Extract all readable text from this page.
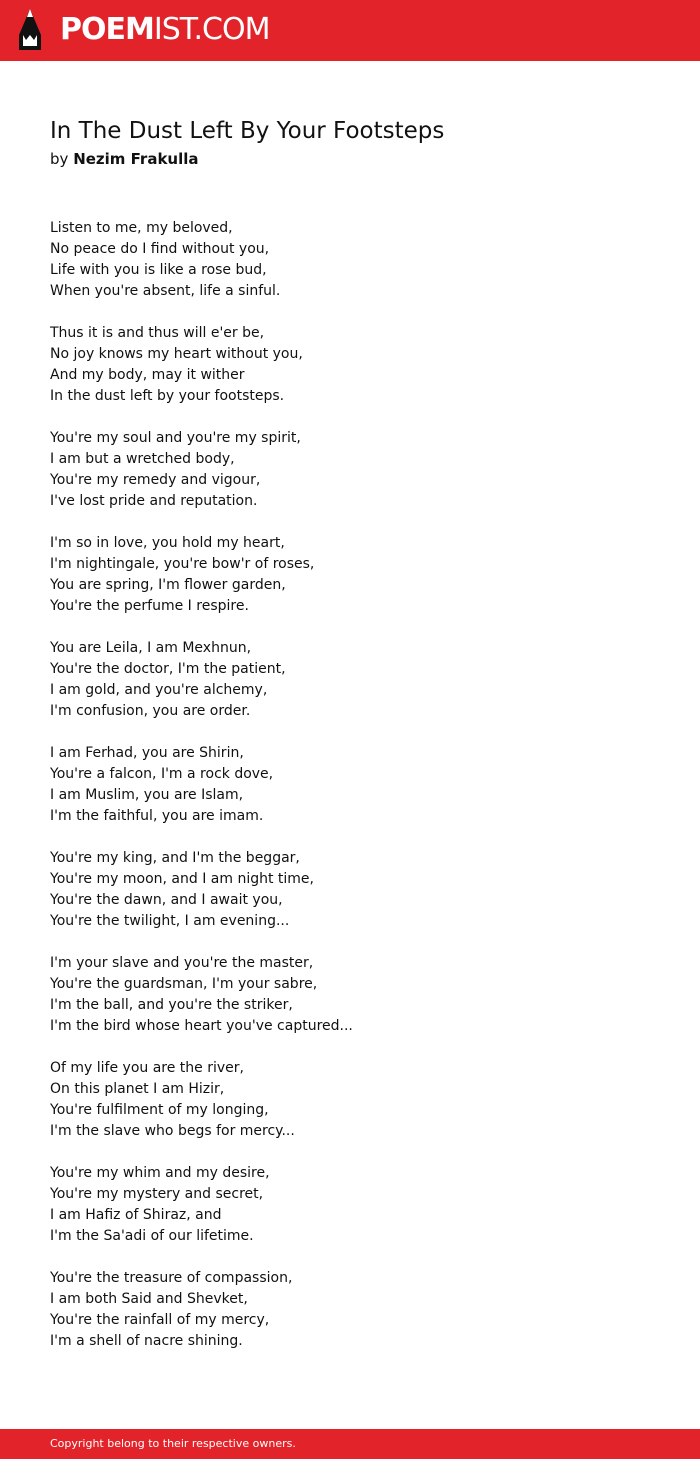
POEMIST.COM
In The Dust Left By Your Footsteps
by Nezim Frakulla
Listen to me, my beloved,
No peace do I find without you,
Life with you is like a rose bud,
When you're absent, life a sinful.
Thus it is and thus will e'er be,
No joy knows my heart without you,
And my body, may it wither
In the dust left by your footsteps.
You're my soul and you're my spirit,
I am but a wretched body,
You're my remedy and vigour,
I've lost pride and reputation.
I'm so in love, you hold my heart,
I'm nightingale, you're bow'r of roses,
You are spring, I'm flower garden,
You're the perfume I respire.
You are Leila, I am Mexhnun,
You're the doctor, I'm the patient,
I am gold, and you're alchemy,
I'm confusion, you are order.
I am Ferhad, you are Shirin,
You're a falcon, I'm a rock dove,
I am Muslim, you are Islam,
I'm the faithful, you are imam.
You're my king, and I'm the beggar,
You're my moon, and I am night time,
You're the dawn, and I await you,
You're the twilight, I am evening...
I'm your slave and you're the master,
You're the guardsman, I'm your sabre,
I'm the ball, and you're the striker,
I'm the bird whose heart you've captured...
Of my life you are the river,
On this planet I am Hizir,
You're fulfilment of my longing,
I'm the slave who begs for mercy...
You're my whim and my desire,
You're my mystery and secret,
I am Hafiz of Shiraz, and
I'm the Sa'adi of our lifetime.
You're the treasure of compassion,
I am both Said and Shevket,
You're the rainfall of my mercy,
I'm a shell of nacre shining.
Copyright belong to their respective owners.
